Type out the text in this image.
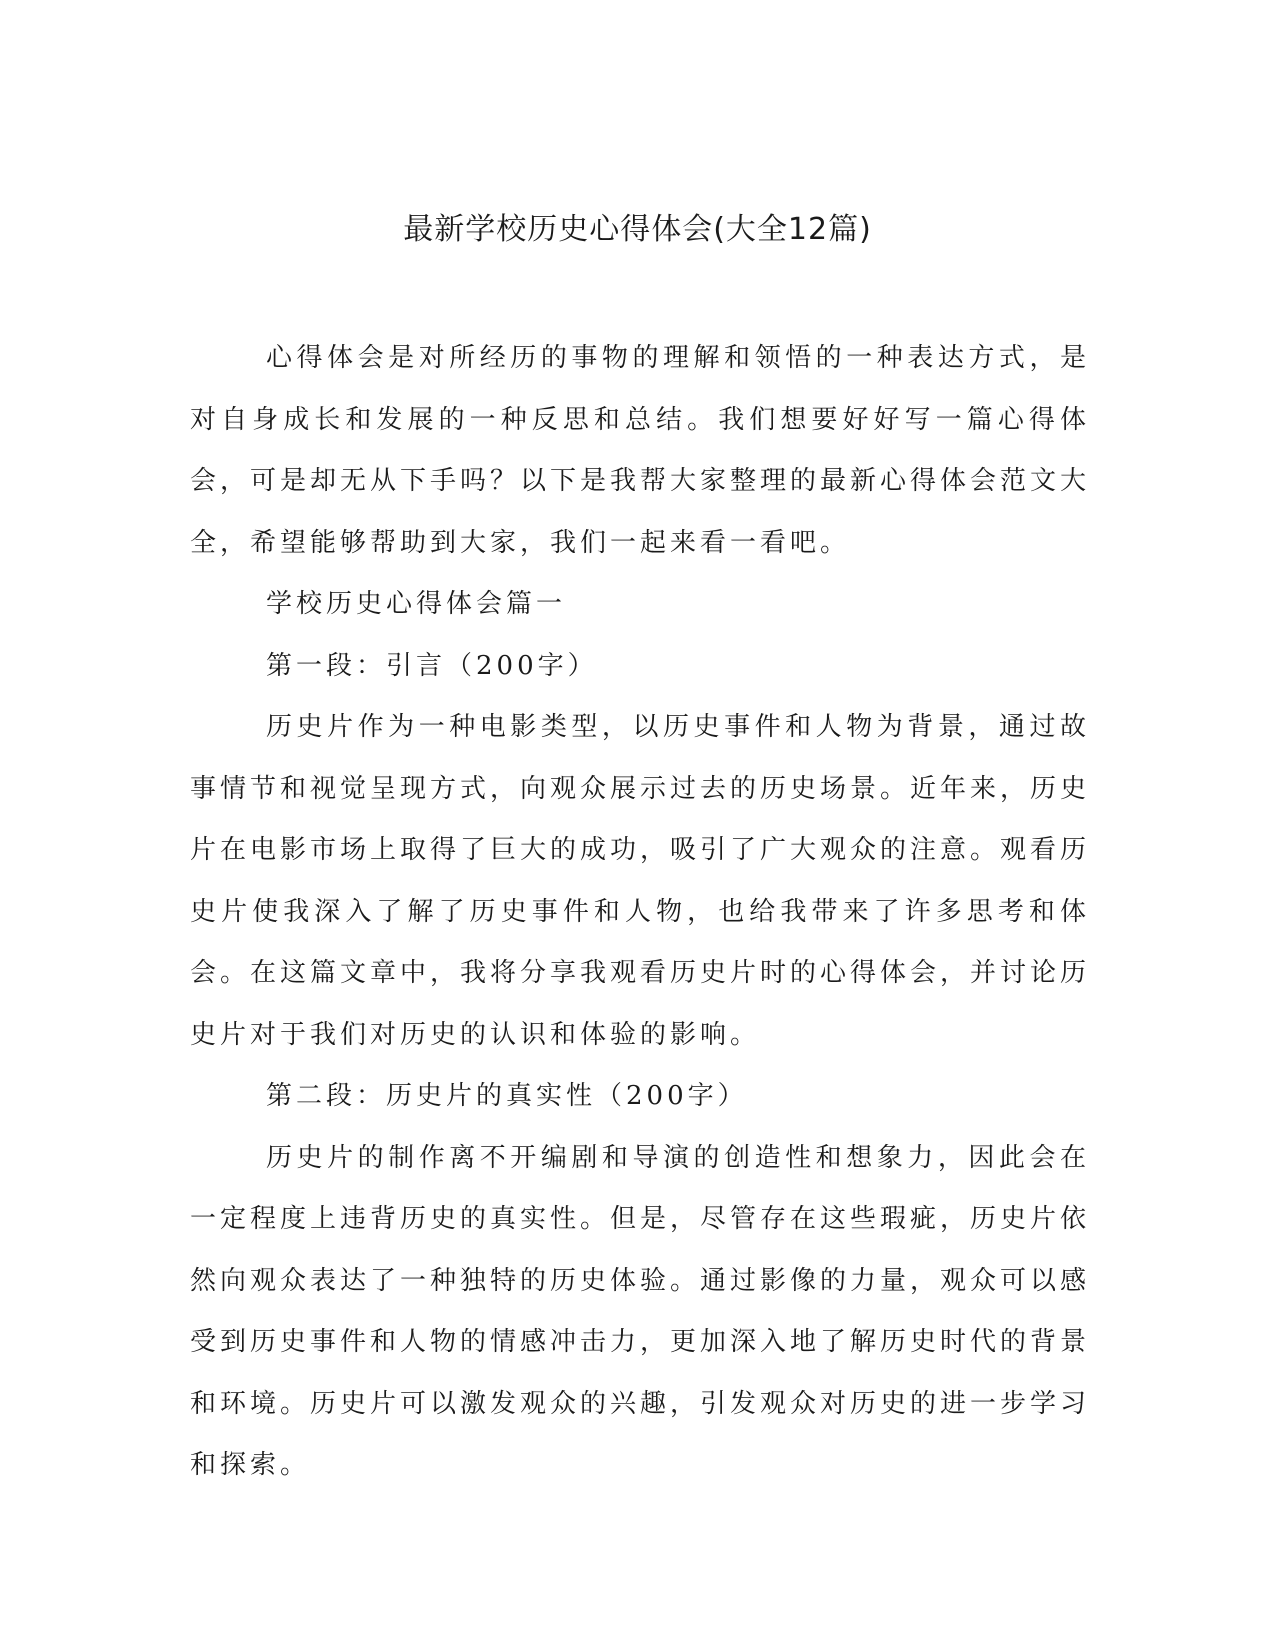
最新学校历史心得体会(大全12篇)

心得体会是对所经历的事物的理解和领悟的一种表达方式，是对自身成长和发展的一种反思和总结。我们想要好好写一篇心得体会，可是却无从下手吗？以下是我帮大家整理的最新心得体会范文大全，希望能够帮助到大家，我们一起来看一看吧。

学校历史心得体会篇一

第一段：引言（200字）

历史片作为一种电影类型，以历史事件和人物为背景，通过故事情节和视觉呈现方式，向观众展示过去的历史场景。近年来，历史片在电影市场上取得了巨大的成功，吸引了广大观众的注意。观看历史片使我深入了解了历史事件和人物，也给我带来了许多思考和体会。在这篇文章中，我将分享我观看历史片时的心得体会，并讨论历史片对于我们对历史的认识和体验的影响。

第二段：历史片的真实性（200字）

历史片的制作离不开编剧和导演的创造性和想象力，因此会在一定程度上违背历史的真实性。但是，尽管存在这些瑕疵，历史片依然向观众表达了一种独特的历史体验。通过影像的力量，观众可以感受到历史事件和人物的情感冲击力，更加深入地了解历史时代的背景和环境。历史片可以激发观众的兴趣，引发观众对历史的进一步学习和探索。
